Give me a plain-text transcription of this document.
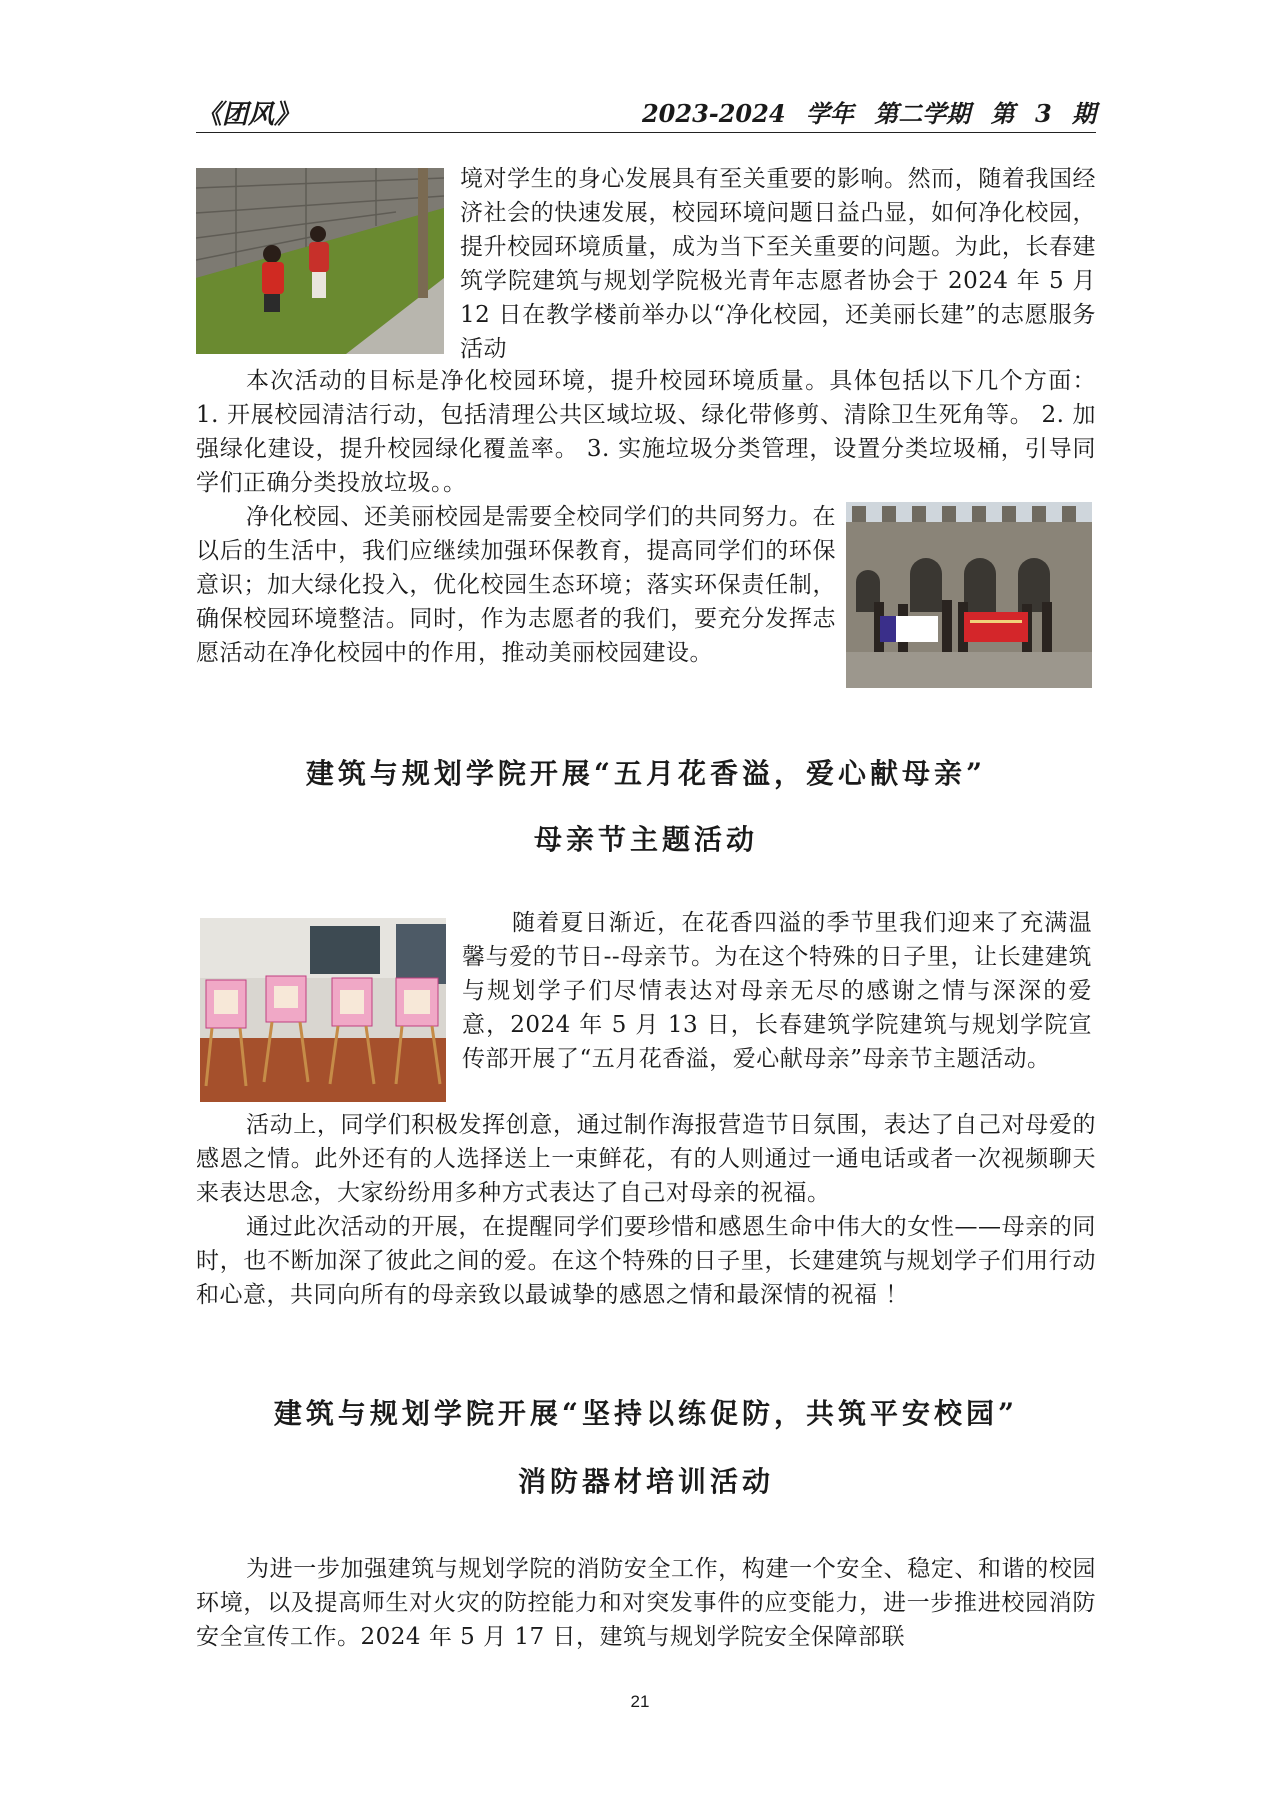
《团风》	2023-2024 学年 第二学期 第 3 期

境对学生的身心发展具有至关重要的影响。然而，随着我国经济社会的快速发展，校园环境问题日益凸显，如何净化校园，提升校园环境质量，成为当下至关重要的问题。为此，长春建筑学院建筑与规划学院极光青年志愿者协会于 2024 年 5 月 12 日在教学楼前举办以“净化校园，还美丽长建”的志愿服务活动

本次活动的目标是净化校园环境，提升校园环境质量。具体包括以下几个方面： 1. 开展校园清洁行动，包括清理公共区域垃圾、绿化带修剪、清除卫生死角等。 2. 加强绿化建设，提升校园绿化覆盖率。 3. 实施垃圾分类管理，设置分类垃圾桶，引导同学们正确分类投放垃圾。。

净化校园、还美丽校园是需要全校同学们的共同努力。在以后的生活中，我们应继续加强环保教育，提高同学们的环保意识；加大绿化投入，优化校园生态环境；落实环保责任制，确保校园环境整洁。同时，作为志愿者的我们，要充分发挥志愿活动在净化校园中的作用，推动美丽校园建设。

建筑与规划学院开展“五月花香溢，爱心献母亲”
母亲节主题活动

随着夏日渐近，在花香四溢的季节里我们迎来了充满温馨与爱的节日--母亲节。为在这个特殊的日子里，让长建建筑与规划学子们尽情表达对母亲无尽的感谢之情与深深的爱意，2024 年 5 月 13 日，长春建筑学院建筑与规划学院宣传部开展了“五月花香溢，爱心献母亲”母亲节主题活动。

活动上，同学们积极发挥创意，通过制作海报营造节日氛围，表达了自己对母爱的感恩之情。此外还有的人选择送上一束鲜花，有的人则通过一通电话或者一次视频聊天来表达思念，大家纷纷用多种方式表达了自己对母亲的祝福。

通过此次活动的开展，在提醒同学们要珍惜和感恩生命中伟大的女性——母亲的同时，也不断加深了彼此之间的爱。在这个特殊的日子里，长建建筑与规划学子们用行动和心意，共同向所有的母亲致以最诚挚的感恩之情和最深情的祝福 ！

建筑与规划学院开展“坚持以练促防，共筑平安校园”
消防器材培训活动

为进一步加强建筑与规划学院的消防安全工作，构建一个安全、稳定、和谐的校园环境，以及提高师生对火灾的防控能力和对突发事件的应变能力，进一步推进校园消防安全宣传工作。2024 年 5 月 17 日，建筑与规划学院安全保障部联

21
